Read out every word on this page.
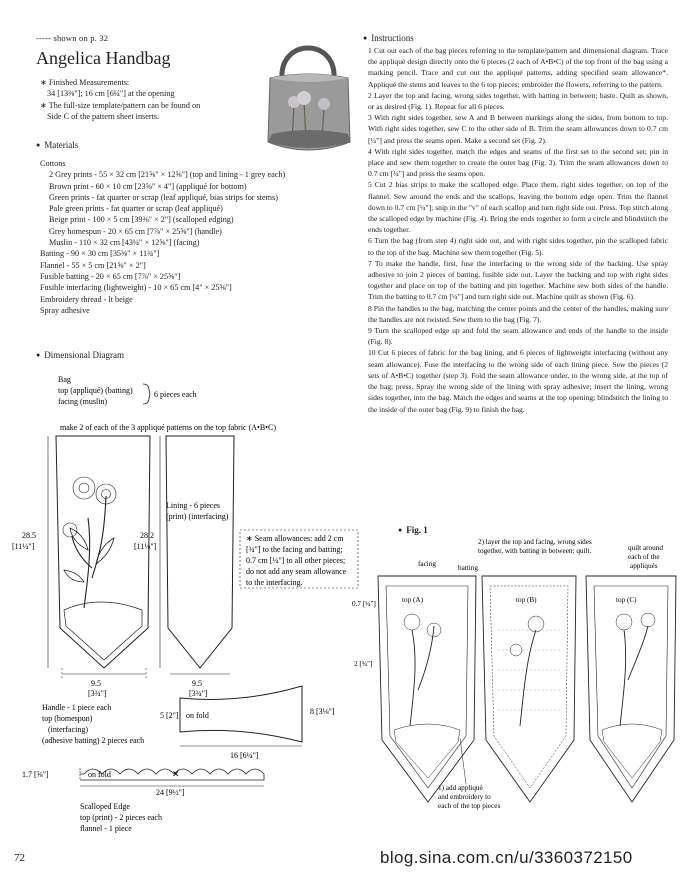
----- shown on p. 32
Angelica Handbag
∗ Finished Measurements:
34 [13⅜"]; 16 cm [6¼"] at the opening
∗ The full-size template/pattern can be found on
Side C of the pattern sheet inserts.
● Materials
Cottons
2 Grey prints - 55 × 32 cm [21⅝" × 12⅝"] (top and lining - 1 grey each)
Brown print - 60 × 10 cm [23⅝" × 4"] (appliqué for bottom)
Green prints - fat quarter or scrap (leaf appliqué, bias strips for stems)
Pale green prints - fat quarter or scrap (leaf appliqué)
Beige print - 100 × 5 cm [39⅜" × 2"] (scalloped edging)
Grey homespun - 20 × 65 cm [7⅞" × 25⅝"] (handle)
Muslin - 110 × 32 cm [43¼" × 12⅝"] (facing)
Batting - 90 × 30 cm [35⅜" × 11¾"]
Flannel - 55 × 5 cm [21⅝" × 2"]
Fusible batting - 20 × 65 cm [7⅞" × 25⅝"]
Fusible interfacing (lightweight) - 10 × 65 cm [4" × 25⅝"]
Embroidery thread - lt beige
Spray adhesive
● Dimensional Diagram
Bag
top (appliqué) (batting)
facing (muslin)
6 pieces each
make 2 of each of the 3 appliqué patterns on the top fabric (A•B•C)
28.5
[11¼"]
9.5
[3¾"]
28.2
[11⅛"]
Lining - 6 pieces
(print) (interfacing)
9.5
[3¾"]
∗ Seam allowances: add 2 cm
[¾"] to the facing and batting;
0.7 cm [¼"] to all other pieces;
do not add any seam allowance
to the interfacing.
Handle - 1 piece each
top (homespun)
(interfacing)
(adhesive batting) 2 pieces each
5 [2"] on fold	8 [3⅛"]
16 [6¼"]
1.7 [⅝"]	on fold	✕
24 [9½"]
Scalloped Edge
top (print) - 2 pieces each
flannel - 1 piece
● Instructions

1 Cut out each of the bag pieces referring to the template/pattern and dimensional diagram. Trace the appliqué design directly onto the 6 pieces (2 each of A•B•C) of the top front of the bag using a marking pencil. Trace and cut out the appliqué patterns, adding specified seam allowance*. Appliqué the stems and leaves to the 6 top pieces; embroider the flowers, referring to the pattern.

2 Layer the top and facing, wrong sides together, with batting in between; baste. Quilt as shown, or as desired (Fig. 1). Repeat for all 6 pieces.

3 With right sides together, sew A and B between markings along the sides, from bottom to top. With right sides together, sew C to the other side of B. Trim the seam allowances down to 0.7 cm [¼"] and press the seams open. Make a second set (Fig. 2).

4 With right sides together, match the edges and seams of the first set to the second set; pin in place and sew them together to create the outer bag (Fig. 3). Trim the seam allowances down to 0.7 cm [¼"] and press the seams open.

5 Cut 2 bias strips to make the scalloped edge. Place them, right sides together, on top of the flannel. Sew around the ends and the scallops, leaving the bottom edge open. Trim the flannel down to 0.7 cm [¼"]; snip in the "v" of each scallop and turn right side out. Press. Top stitch along the scalloped edge by machine (Fig. 4). Bring the ends together to form a circle and blindstitch the ends together.

6 Turn the bag (from step 4) right side out, and with right sides together, pin the scalloped fabric to the top of the bag. Machine sew them together (Fig. 5).

7 To make the handle, first, fuse the interfacing to the wrong side of the backing. Use spray adhesive to join 2 pieces of batting, fusible side out. Layer the backing and top with right sides together and place on top of the batting and pin together. Machine sew both sides of the handle. Trim the batting to 0.7 cm [¼"] and turn right side out. Machine quilt as shown (Fig. 6).

8 Pin the handles to the bag, matching the center points and the center of the handles, making sure the handles are not twisted. Sew them to the bag (Fig. 7).

9 Turn the scalloped edge up and fold the seam allowance and ends of the handle to the inside (Fig. 8).

10 Cut 6 pieces of fabric for the bag lining, and 6 pieces of lightweight interfacing (without any seam allowance). Fuse the interfacing to the wrong side of each lining piece. Sew the pieces (2 sets of A•B•C) together (step 3). Fold the seam allowance under, to the wrong side, at the top of the bag; press. Spray the wrong side of the lining with spray adhesive; insert the lining, wrong sides together, into the bag. Match the edges and seams at the top opening; blindstitch the lining to the inside of the outer bag (Fig. 9) to finish the bag.

● Fig. 1
facing	batting
2) layer the top and facing, wrong sides
together, with batting in between; quilt.	quilt around
each of the
appliqués
0.7 [¼"]
2 [¾"]
top (A)	top (B)	top (C)
1) add appliqué
and embroidery to
each of the top pieces
72	blog.sina.com.cn/u/3360372150
